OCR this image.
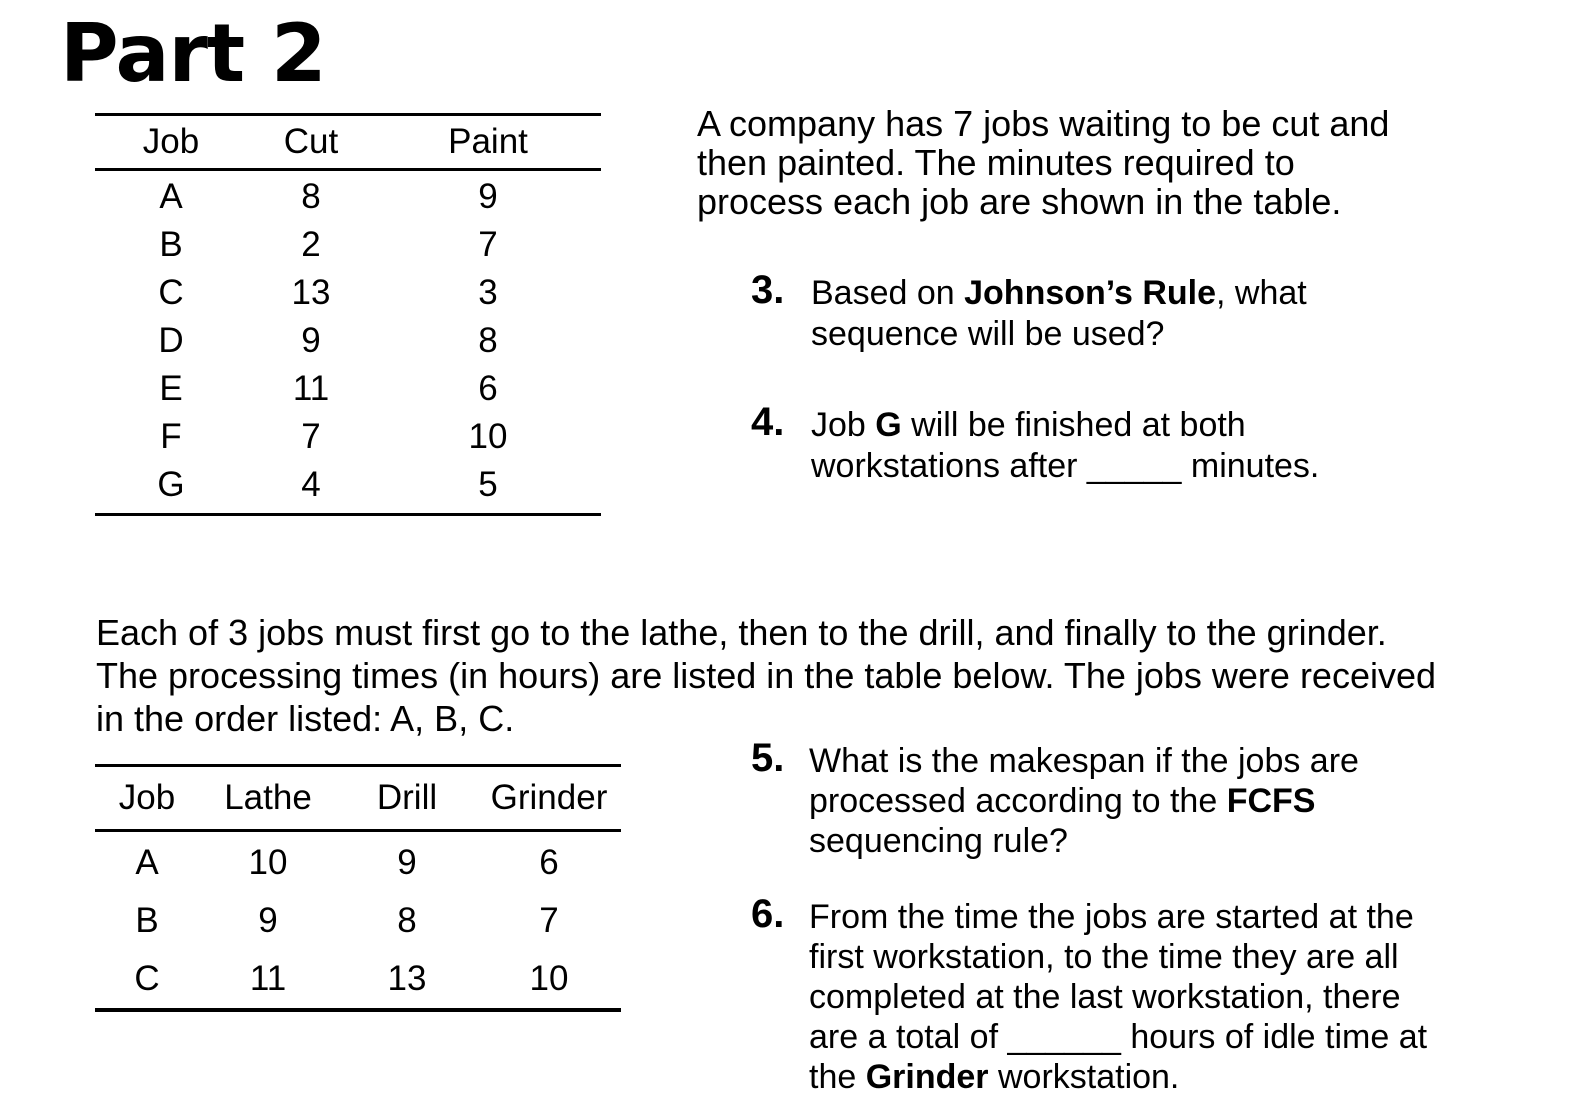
Part 2
Job	Cut	Paint
A	8	9
B	2	7
C	13	3
D	9	8
E	11	6
F	7	10
G	4	5
A company has 7 jobs waiting to be cut and
then painted. The minutes required to
process each job are shown in the table.
3. Based on Johnson’s Rule, what
sequence will be used?
4. Job G will be finished at both
workstations after _____ minutes.
Each of 3 jobs must first go to the lathe, then to the drill, and finally to the grinder.
The processing times (in hours) are listed in the table below. The jobs were received
in the order listed: A, B, C.
Job	Lathe	Drill	Grinder
A	10	9	6
B	9	8	7
C	11	13	10
5. What is the makespan if the jobs are
processed according to the FCFS
sequencing rule?
6. From the time the jobs are started at the
first workstation, to the time they are all
completed at the last workstation, there
are a total of ______ hours of idle time at
the Grinder workstation.
